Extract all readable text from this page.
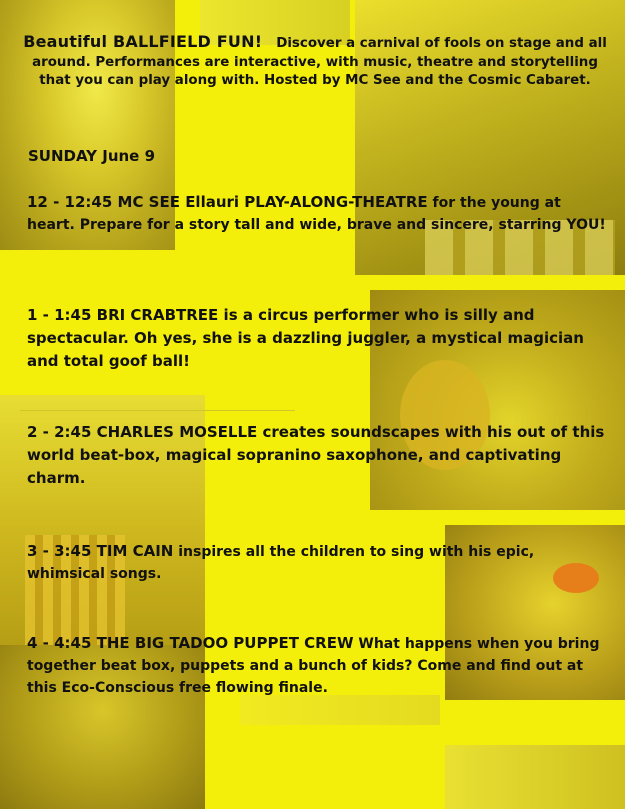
Beautiful BALLFIELD FUN! Discover a carnival of fools on stage and all around. Performances are interactive, with music, theatre and storytelling that you can play along with. Hosted by MC See and the Cosmic Cabaret.

SUNDAY June 9

12 - 12:45 MC SEE Ellauri PLAY-ALONG-THEATRE for the young at heart. Prepare for a story tall and wide, brave and sincere, starring YOU!

1 - 1:45 BRI CRABTREE is a circus performer who is silly and spectacular. Oh yes, she is a dazzling juggler, a mystical magician and total goof ball!

2 - 2:45 CHARLES MOSELLE creates soundscapes with his out of this world beat-box, magical sopranino saxophone, and captivating charm.

3 - 3:45 TIM CAIN inspires all the children to sing with his epic, whimsical songs.

4 - 4:45 THE BIG TADOO PUPPET CREW What happens when you bring together beat box, puppets and a bunch of kids? Come and find out at this Eco-Conscious free flowing finale.
